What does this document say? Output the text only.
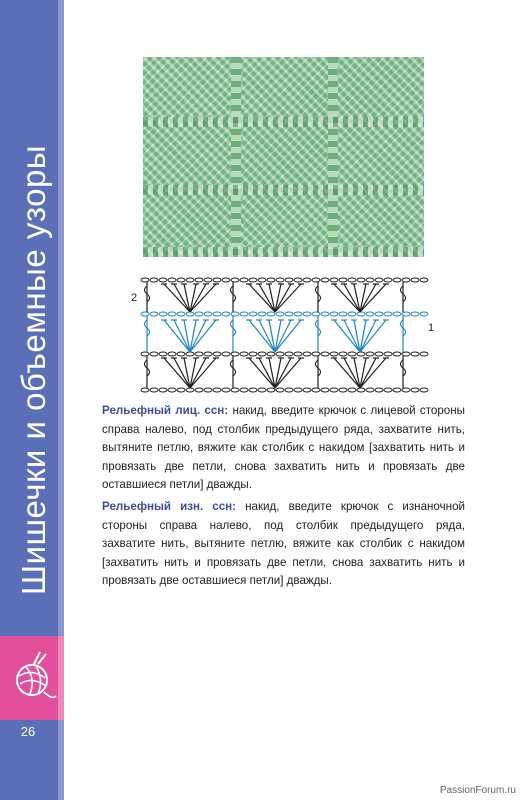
Шишечки и объемные узоры
26
2
1
Рельефный лиц. ссн: накид, введите крючок с лицевой стороны справа налево, под столбик предыдущего ряда, захватите нить, вытяните петлю, вяжите как столбик с накидом [захватить нить и провязать две петли, снова захватить нить и провязать две оставшиеся петли] дважды.
Рельефный изн. ссн: накид, введите крючок с изнаночной стороны справа налево, под столбик предыдущего ряда, захватите нить, вытяните петлю, вяжите как столбик с накидом [захватить нить и провязать две петли, снова захватить нить и провязать две оставшиеся петли] дважды.
PassionForum.ru
